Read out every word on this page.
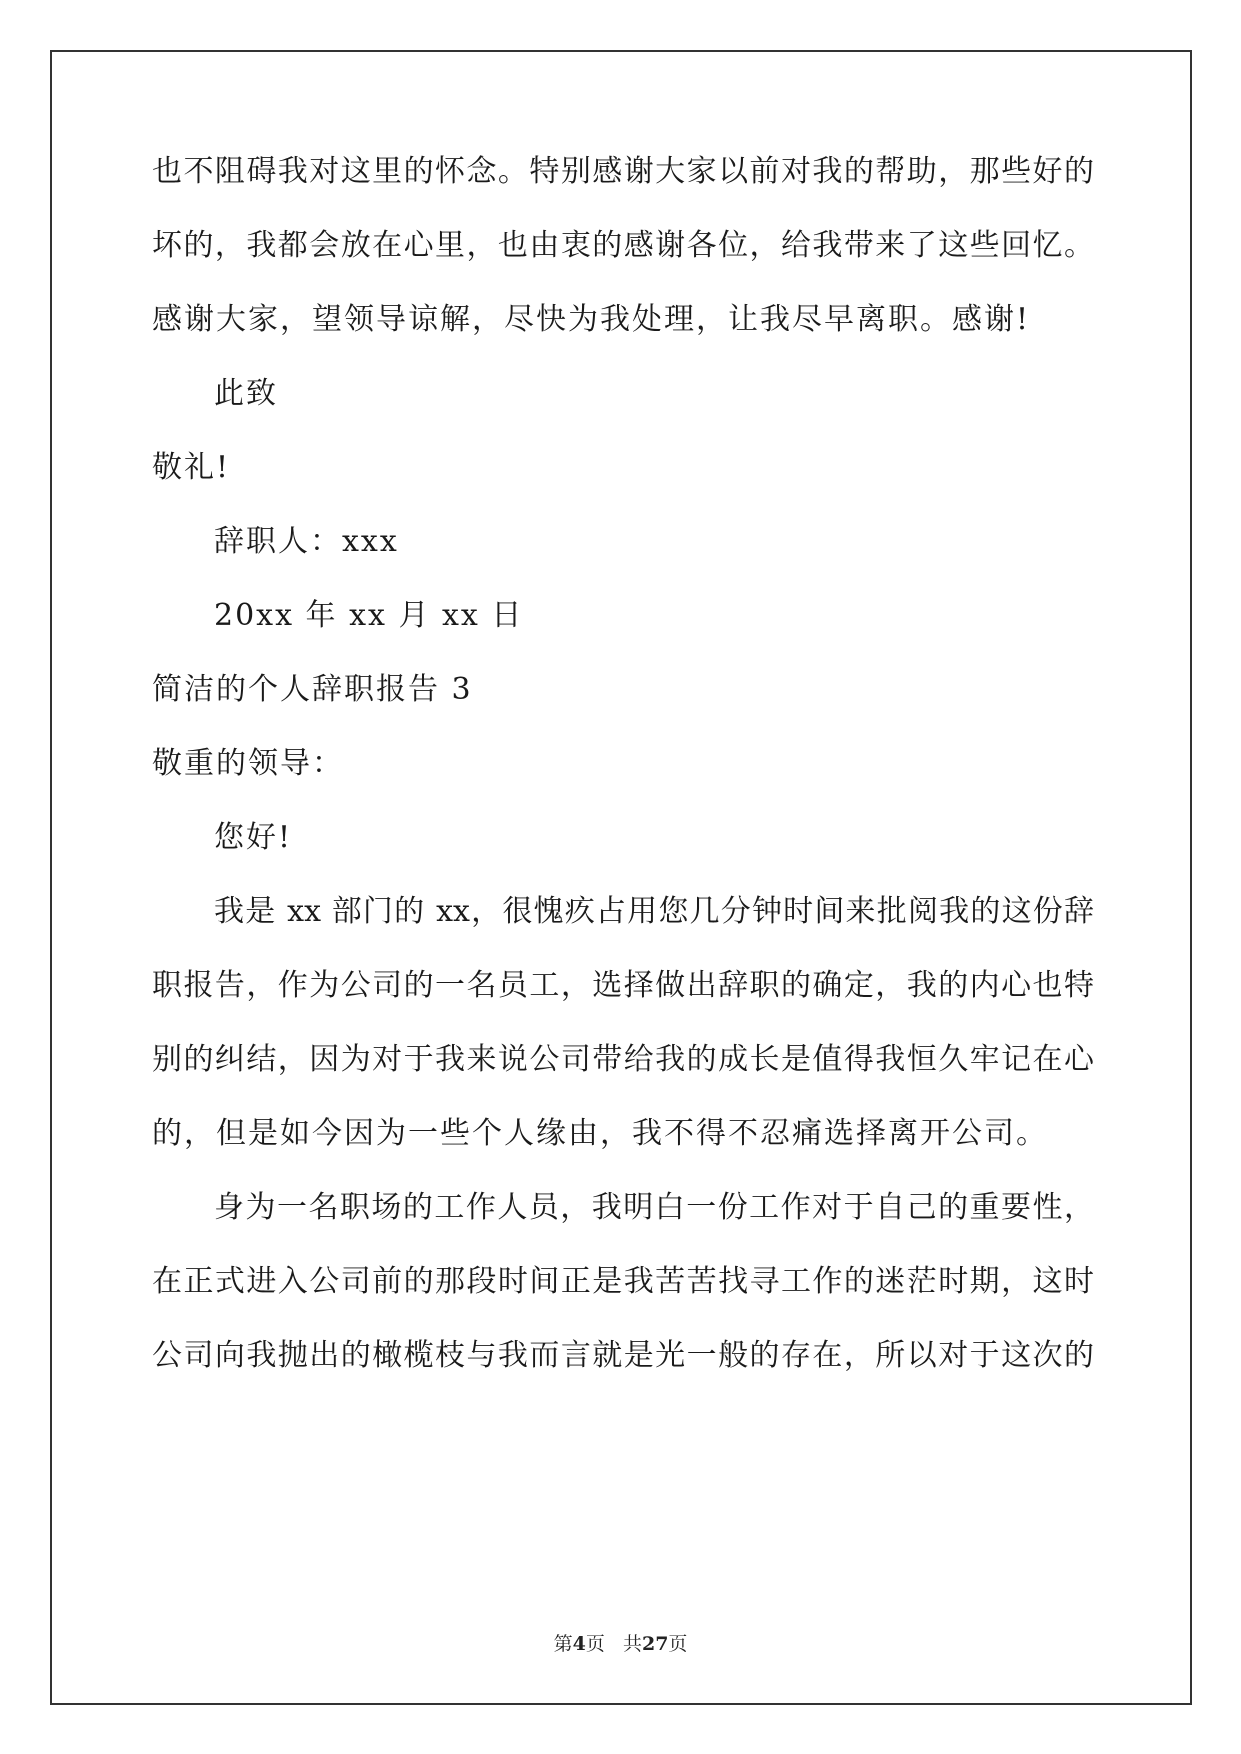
也不阻碍我对这里的怀念。特别感谢大家以前对我的帮助，那些好的
坏的，我都会放在心里，也由衷的感谢各位，给我带来了这些回忆。
感谢大家，望领导谅解，尽快为我处理，让我尽早离职。感谢!
此致
敬礼!
辞职人：xxx
20xx 年 xx 月 xx 日
简洁的个人辞职报告 3
敬重的领导：
您好!
我是 xx 部门的 xx，很愧疚占用您几分钟时间来批阅我的这份辞
职报告，作为公司的一名员工，选择做出辞职的确定，我的内心也特
别的纠结，因为对于我来说公司带给我的成长是值得我恒久牢记在心
的，但是如今因为一些个人缘由，我不得不忍痛选择离开公司。
身为一名职场的工作人员，我明白一份工作对于自己的重要性，
在正式进入公司前的那段时间正是我苦苦找寻工作的迷茫时期，这时
公司向我抛出的橄榄枝与我而言就是光一般的存在，所以对于这次的
第4页 共27页
